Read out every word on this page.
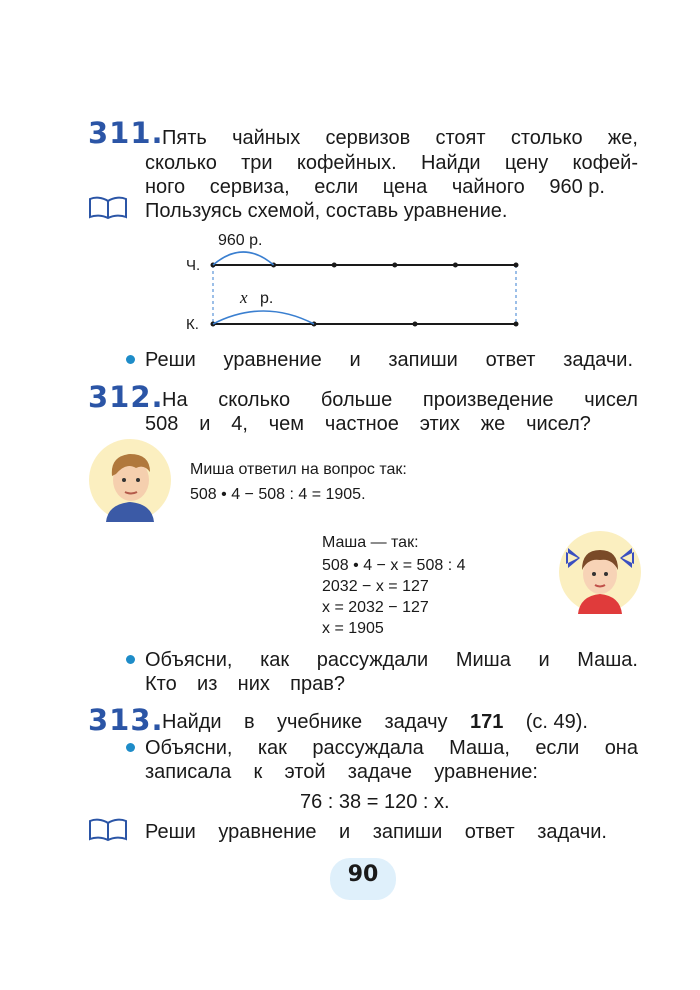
311.
Пять чайных сервизов стоят столько же,
сколько три кофейных. Найди цену кофей-
ного сервиза, если цена чайного 960 р.
Пользуясь схемой, составь уравнение.
Ч.
К.
960 р.
x р.
Реши уравнение и запиши ответ задачи.
312.
На сколько больше произведение чисел
508 и 4, чем частное этих же чисел?
Миша ответил на вопрос так:
508 • 4 − 508 : 4 = 1905.
Маша — так:
508 • 4 − x = 508 : 4
2032 − x = 127
x = 2032 − 127
x = 1905
Объясни, как рассуждали Миша и Маша.
Кто из них прав?
313.
Найди в учебнике задачу 171 (с. 49).
Объясни, как рассуждала Маша, если она
записала к этой задаче уравнение:
76 : 38 = 120 : x.
Реши уравнение и запиши ответ задачи.
90
